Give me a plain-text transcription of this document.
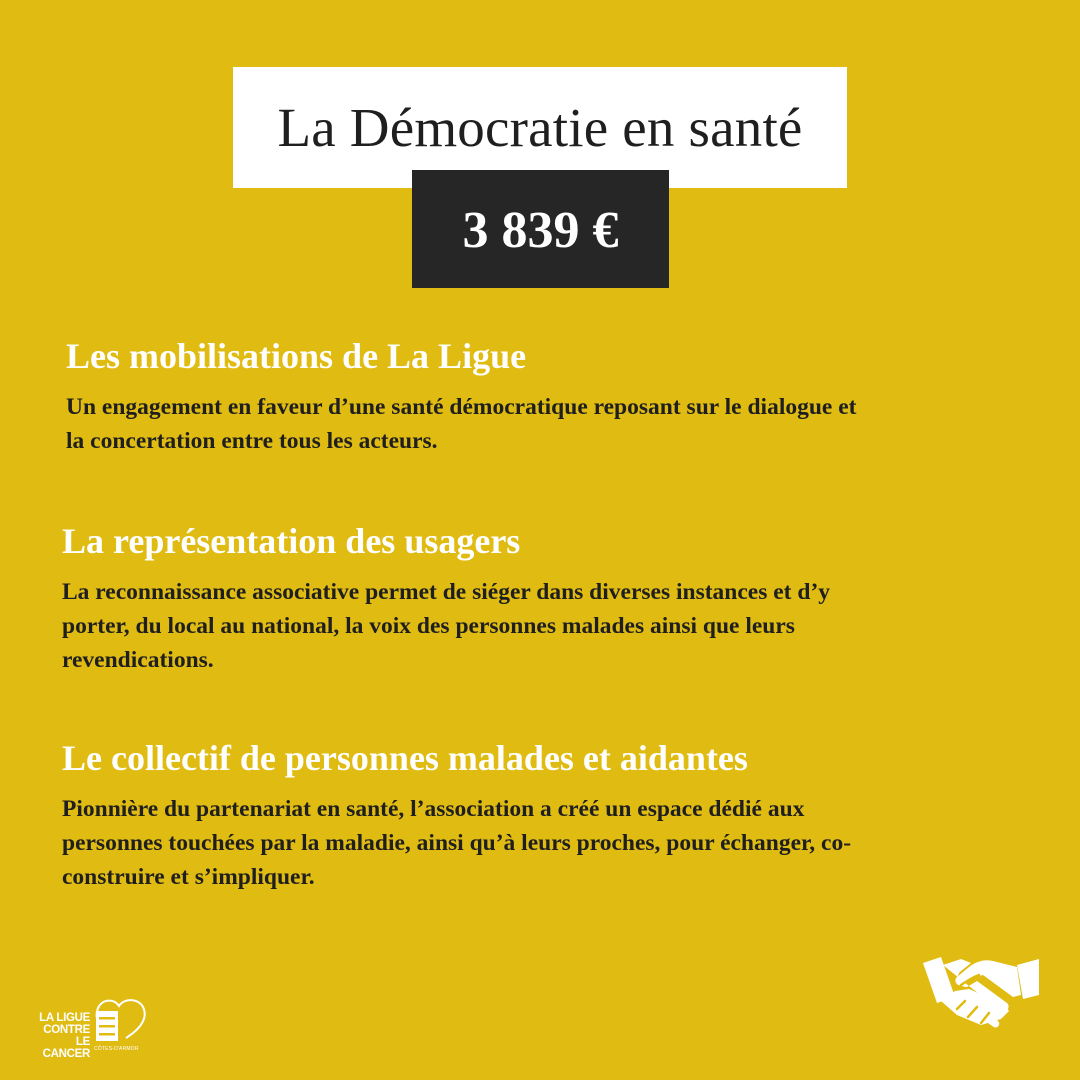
La Démocratie en santé
3 839 €
Les mobilisations de La Ligue
Un engagement en faveur d’une santé démocratique reposant sur le dialogue et
la concertation entre tous les acteurs.
La représentation des usagers
La reconnaissance associative permet de siéger dans diverses instances et d’y
porter, du local au national, la voix des personnes malades ainsi que leurs
revendications.
Le collectif de personnes malades et aidantes
Pionnière du partenariat en santé, l’association a créé un espace dédié aux
personnes touchées par la maladie, ainsi qu’à leurs proches, pour échanger, co-
construire et s’impliquer.
LA LIGUE
CONTRE
LE CANCER CÔTES-D'ARMOR
